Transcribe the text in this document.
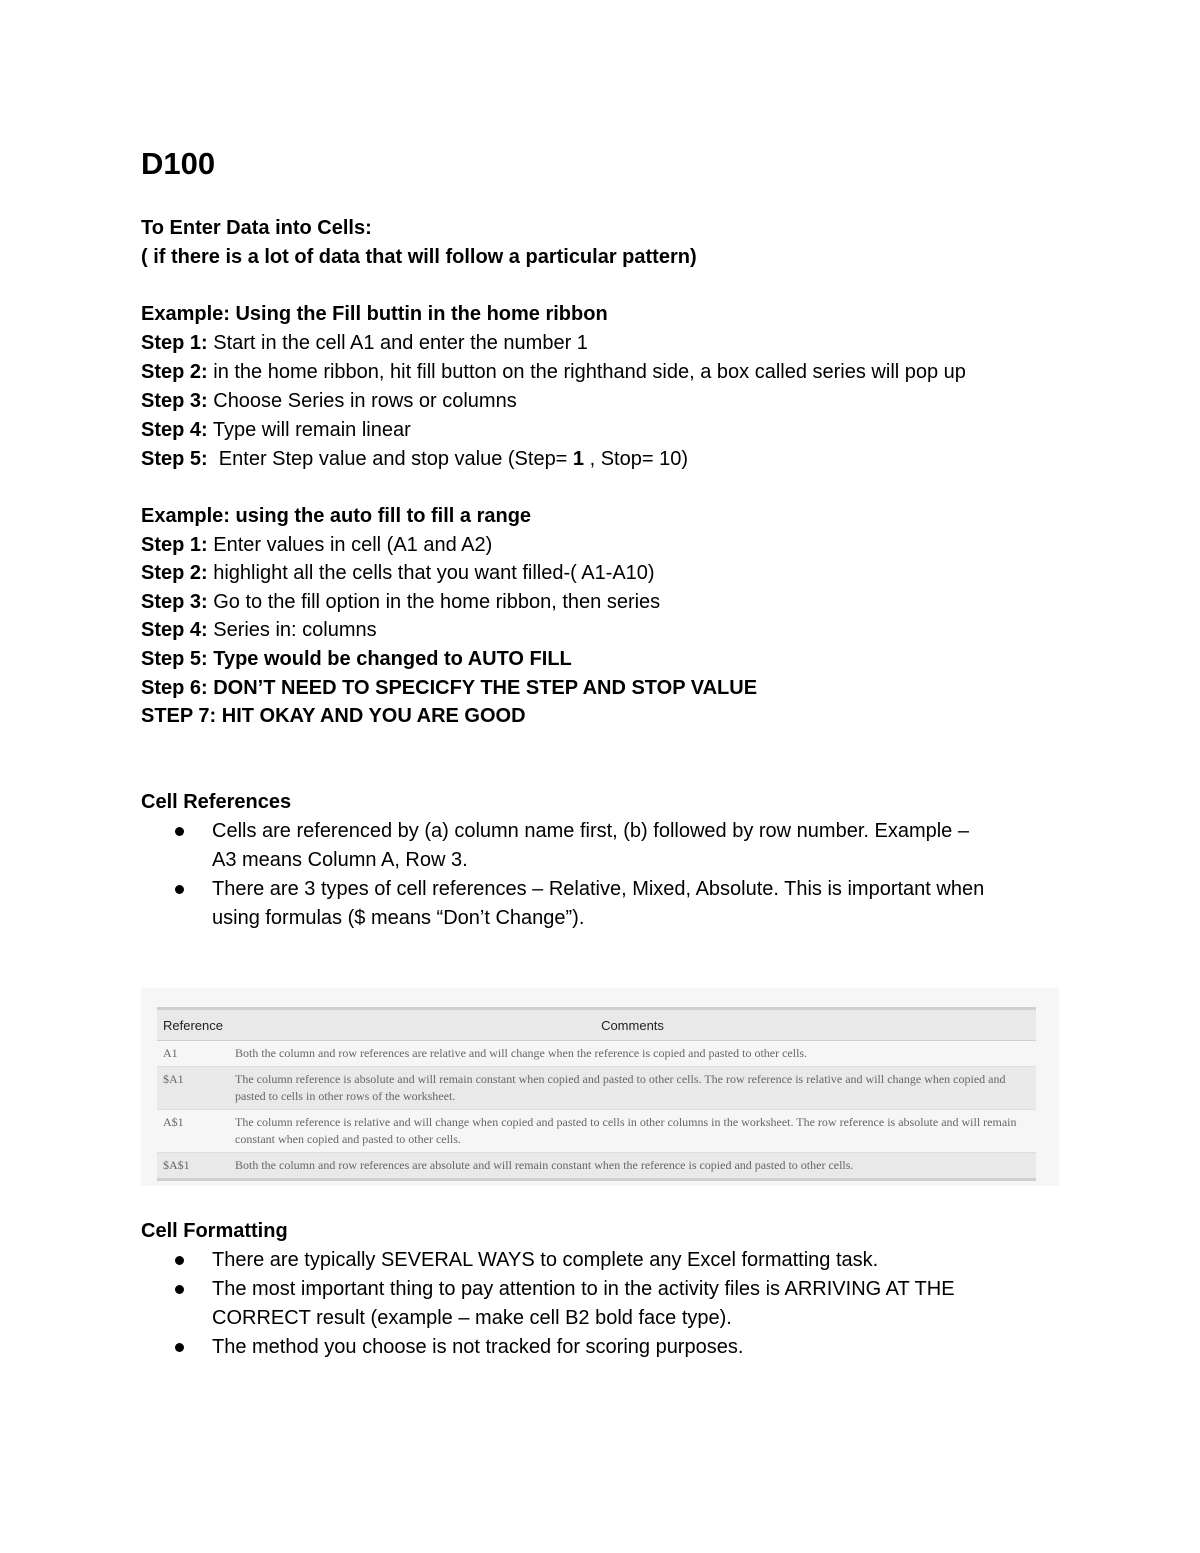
D100
To Enter Data into Cells:
( if there is a lot of data that will follow a particular pattern)
Example: Using the Fill buttin in the home ribbon
Step 1: Start in the cell A1 and enter the number 1
Step 2: in the home ribbon, hit fill button on the righthand side, a box called series will pop up
Step 3: Choose Series in rows or columns
Step 4: Type will remain linear
Step 5:  Enter Step value and stop value (Step= 1 , Stop= 10)
Example: using the auto fill to fill a range
Step 1: Enter values in cell (A1 and A2)
Step 2: highlight all the cells that you want filled-( A1-A10)
Step 3: Go to the fill option in the home ribbon, then series
Step 4: Series in: columns
Step 5: Type would be changed to AUTO FILL
Step 6: DON’T NEED TO SPECICFY THE STEP AND STOP VALUE
STEP 7: HIT OKAY AND YOU ARE GOOD
Cell References
Cells are referenced by (a) column name first, (b) followed by row number. Example –
A3 means Column A, Row 3.
There are 3 types of cell references – Relative, Mixed, Absolute. This is important when
using formulas ($ means “Don’t Change”).
Reference	Comments
A1	Both the column and row references are relative and will change when the reference is copied and pasted to other cells.
$A1	The column reference is absolute and will remain constant when copied and pasted to other cells. The row reference is relative and will change when copied and pasted to cells in other rows of the worksheet.
A$1	The column reference is relative and will change when copied and pasted to cells in other columns in the worksheet. The row reference is absolute and will remain constant when copied and pasted to other cells.
$A$1	Both the column and row references are absolute and will remain constant when the reference is copied and pasted to other cells.
Cell Formatting
There are typically SEVERAL WAYS to complete any Excel formatting task.
The most important thing to pay attention to in the activity files is ARRIVING AT THE
CORRECT result (example – make cell B2 bold face type).
The method you choose is not tracked for scoring purposes.
